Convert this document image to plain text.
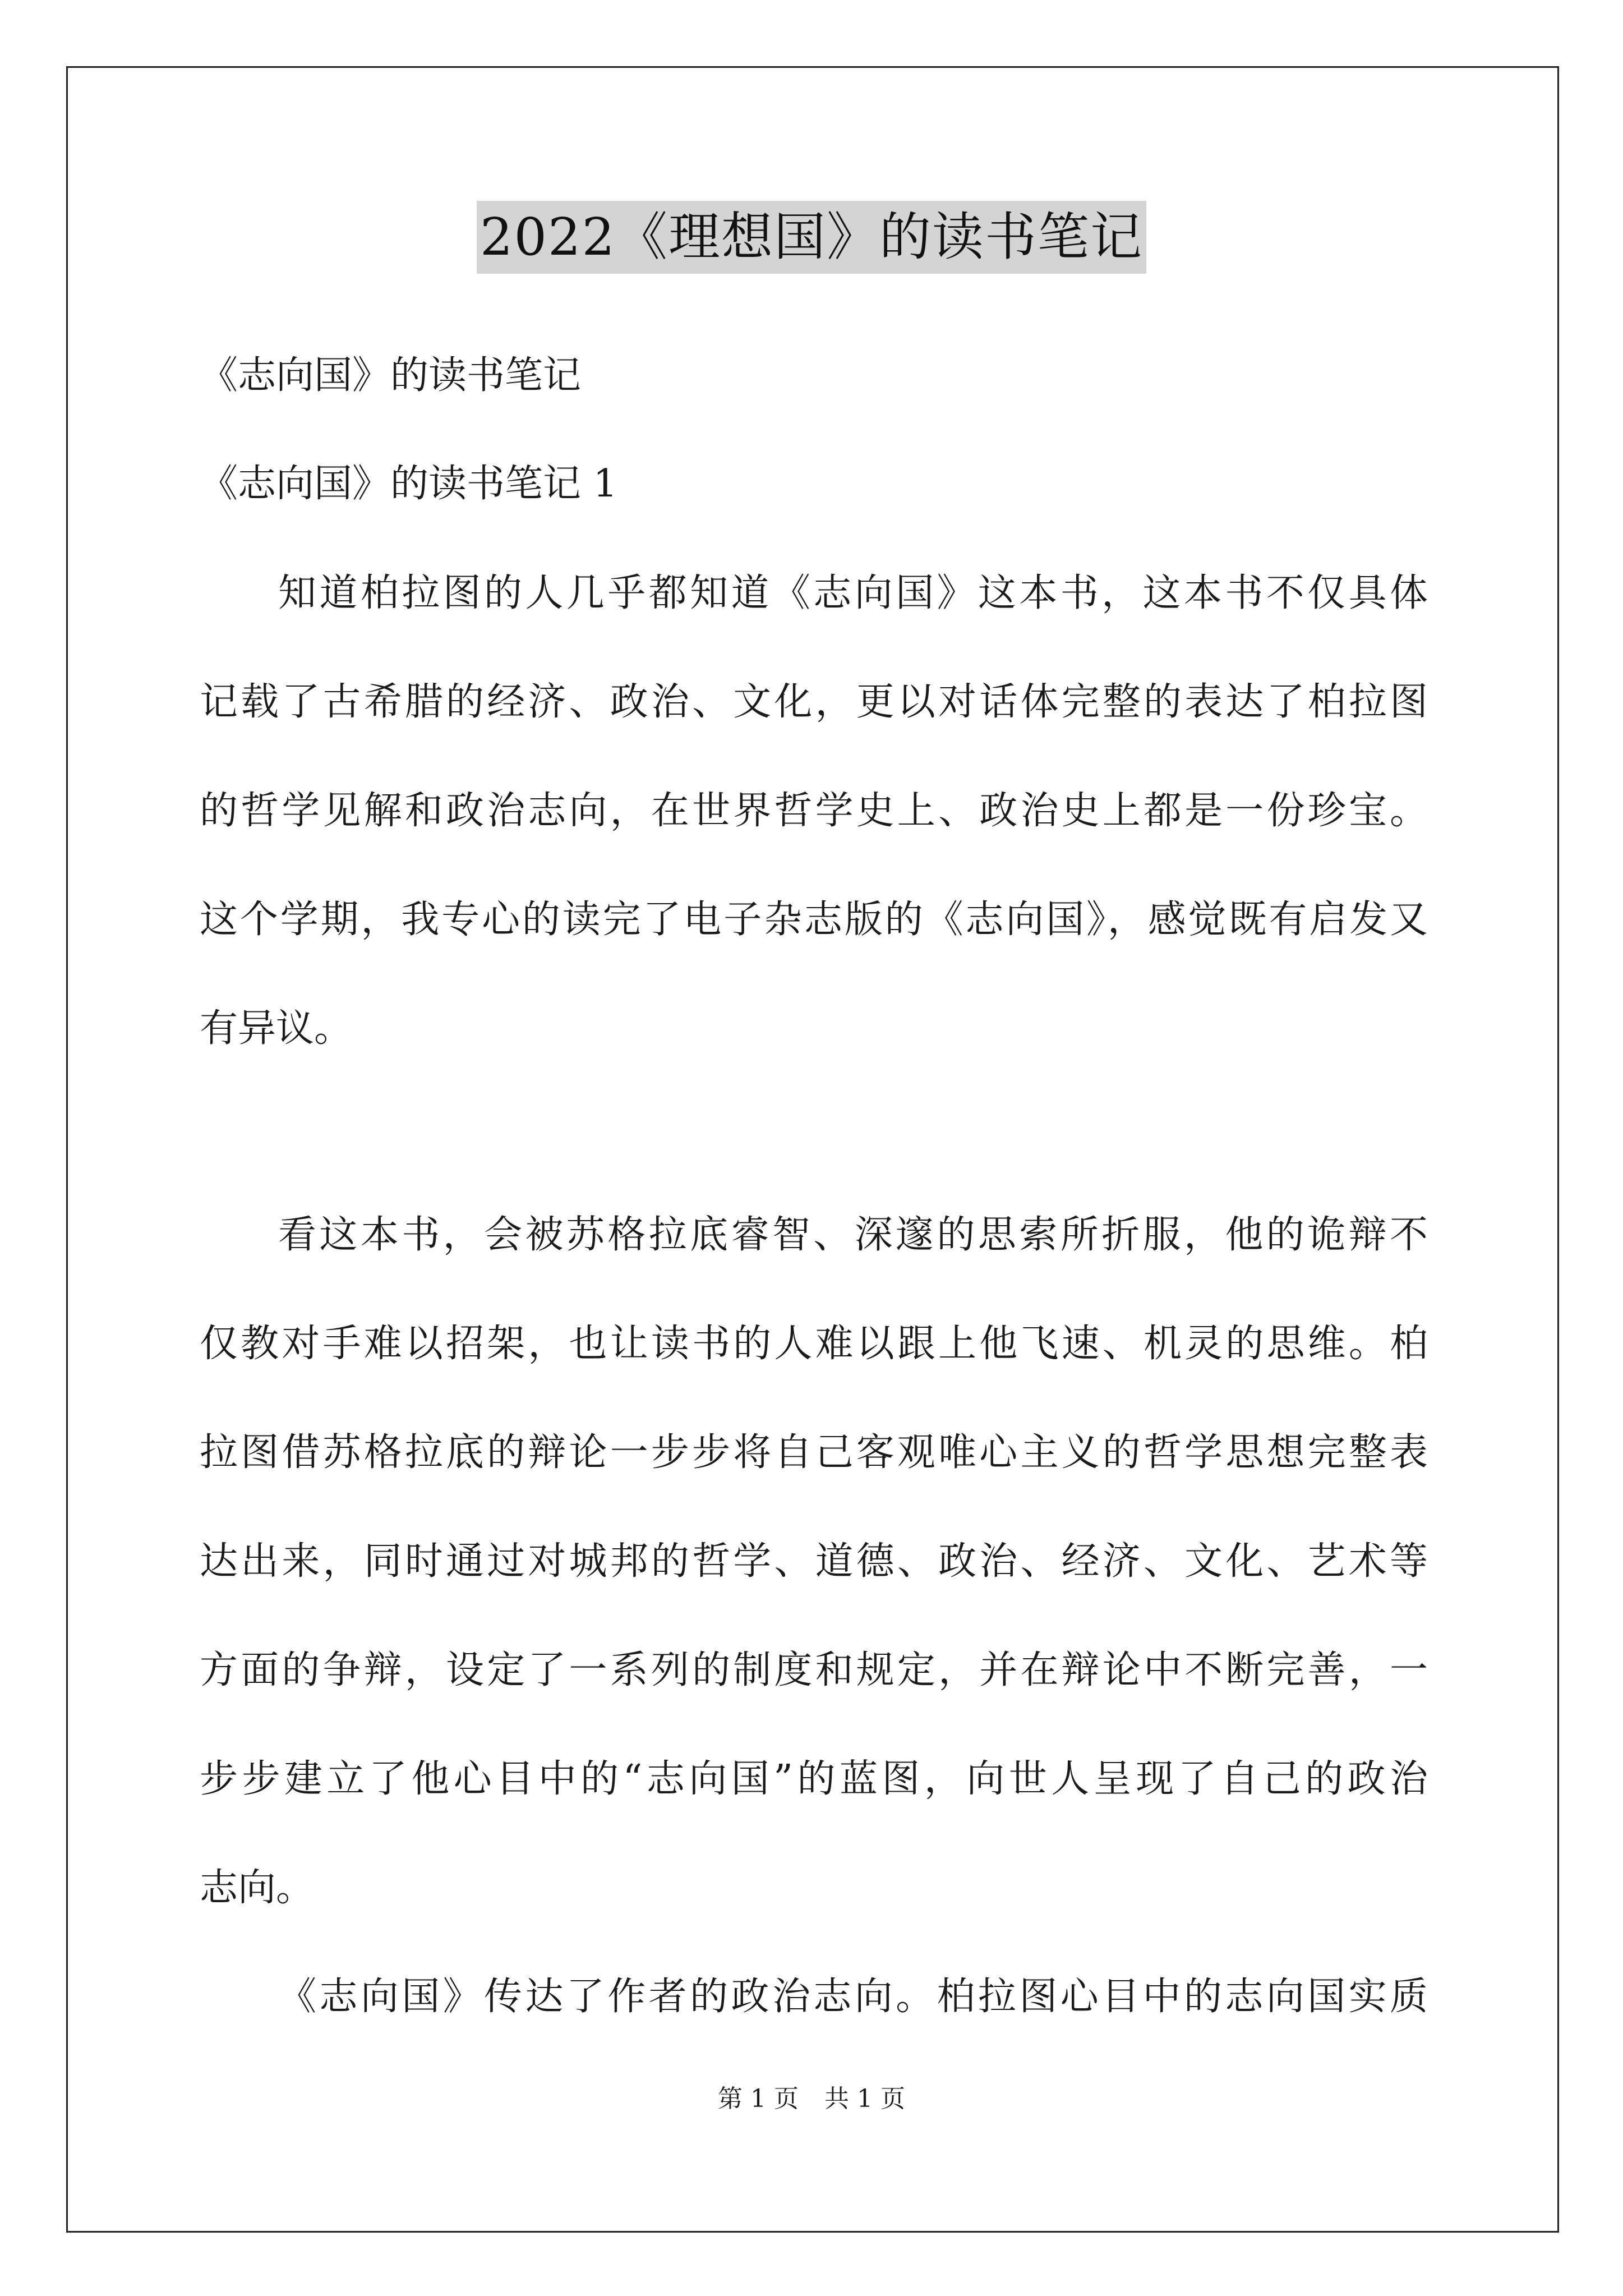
2022《理想国》的读书笔记
《志向国》的读书笔记
《志向国》的读书笔记 1
知道柏拉图的人几乎都知道《志向国》这本书，这本书不仅具体
记载了古希腊的经济、政治、文化，更以对话体完整的表达了柏拉图
的哲学见解和政治志向，在世界哲学史上、政治史上都是一份珍宝。
这个学期，我专心的读完了电子杂志版的《志向国》，感觉既有启发又
有异议。
看这本书，会被苏格拉底睿智、深邃的思索所折服，他的诡辩不
仅教对手难以招架，也让读书的人难以跟上他飞速、机灵的思维。柏
拉图借苏格拉底的辩论一步步将自己客观唯心主义的哲学思想完整表
达出来，同时通过对城邦的哲学、道德、政治、经济、文化、艺术等
方面的争辩，设定了一系列的制度和规定，并在辩论中不断完善，一
步步建立了他心目中的“志向国”的蓝图，向世人呈现了自己的政治
志向。
《志向国》传达了作者的政治志向。柏拉图心目中的志向国实质
第 1 页 共 1 页
